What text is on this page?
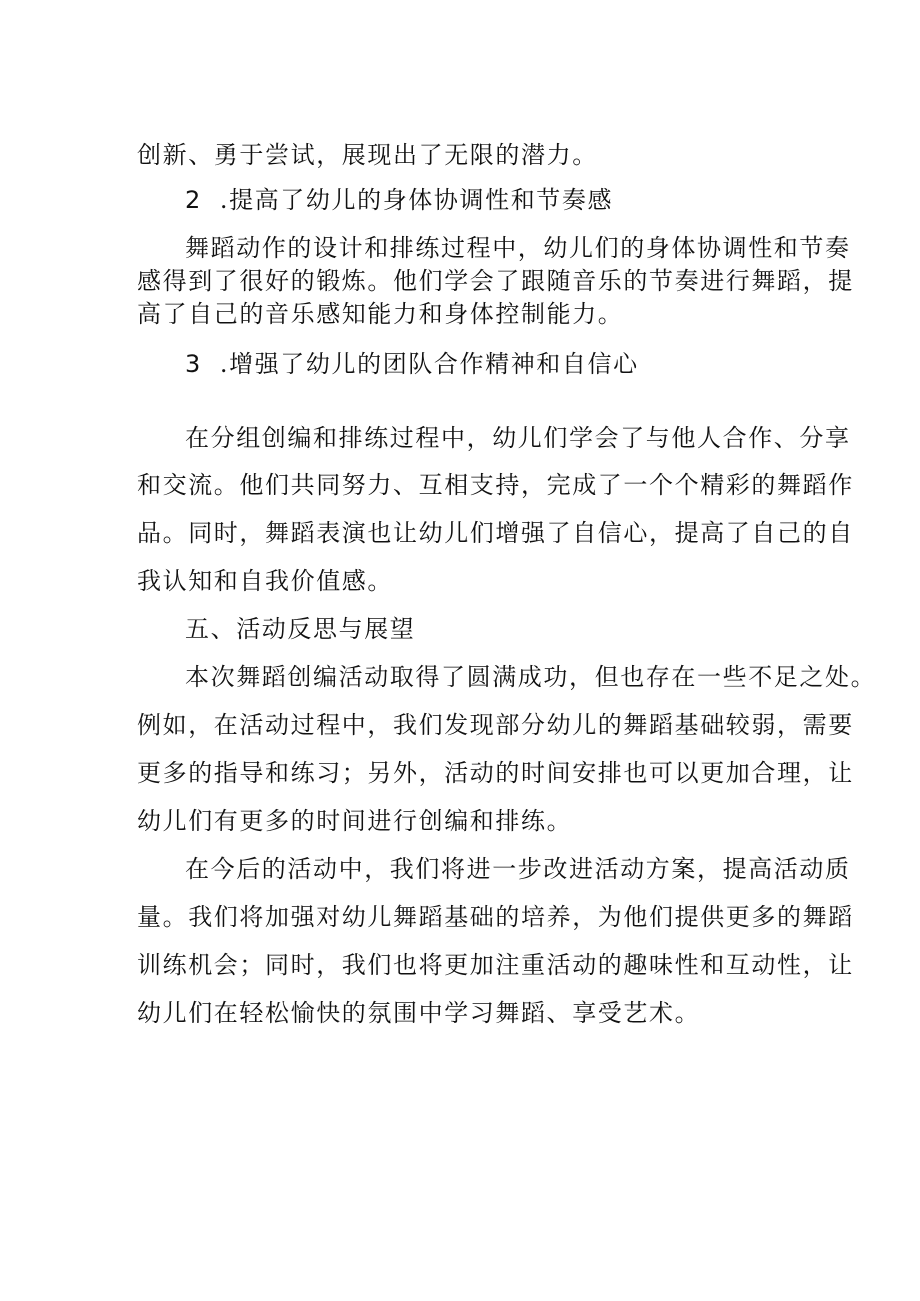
创新、勇于尝试，展现出了无限的潜力。
2 .提高了幼儿的身体协调性和节奏感
舞蹈动作的设计和排练过程中，幼儿们的身体协调性和节奏
感得到了很好的锻炼。他们学会了跟随音乐的节奏进行舞蹈，提
高了自己的音乐感知能力和身体控制能力。
3 .增强了幼儿的团队合作精神和自信心
在分组创编和排练过程中，幼儿们学会了与他人合作、分享
和交流。他们共同努力、互相支持，完成了一个个精彩的舞蹈作
品。同时，舞蹈表演也让幼儿们增强了自信心，提高了自己的自
我认知和自我价值感。
五、活动反思与展望
本次舞蹈创编活动取得了圆满成功，但也存在一些不足之处。
例如，在活动过程中，我们发现部分幼儿的舞蹈基础较弱，需要
更多的指导和练习；另外，活动的时间安排也可以更加合理，让
幼儿们有更多的时间进行创编和排练。
在今后的活动中，我们将进一步改进活动方案，提高活动质
量。我们将加强对幼儿舞蹈基础的培养，为他们提供更多的舞蹈
训练机会；同时，我们也将更加注重活动的趣味性和互动性，让
幼儿们在轻松愉快的氛围中学习舞蹈、享受艺术。
